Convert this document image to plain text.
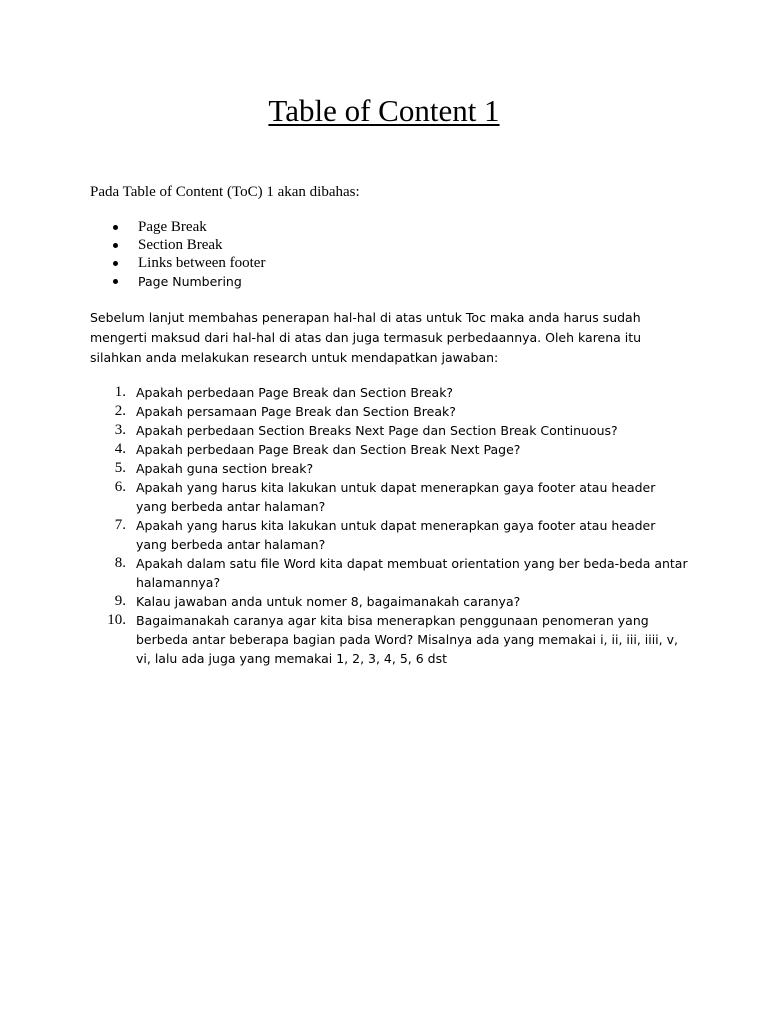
Table of Content 1

Pada Table of Content (ToC) 1 akan dibahas:

Page Break
Section Break
Links between footer
Page Numbering

Sebelum lanjut membahas penerapan hal-hal di atas untuk Toc maka anda harus sudah mengerti maksud dari hal-hal di atas dan juga termasuk perbedaannya. Oleh karena itu silahkan anda melakukan research untuk mendapatkan jawaban:

1. Apakah perbedaan Page Break dan Section Break?
2. Apakah persamaan Page Break dan Section Break?
3. Apakah perbedaan Section Breaks Next Page dan Section Break Continuous?
4. Apakah perbedaan Page Break dan Section Break Next Page?
5. Apakah guna section break?
6. Apakah yang harus kita lakukan untuk dapat menerapkan gaya footer atau header yang berbeda antar halaman?
7. Apakah yang harus kita lakukan untuk dapat menerapkan gaya footer atau header yang berbeda antar halaman?
8. Apakah dalam satu file Word kita dapat membuat orientation yang ber beda-beda antar halamannya?
9. Kalau jawaban anda untuk nomer 8, bagaimanakah caranya?
10. Bagaimanakah caranya agar kita bisa menerapkan penggunaan penomeran yang berbeda antar beberapa bagian pada Word? Misalnya ada yang memakai i, ii, iii, iiii, v, vi, lalu ada juga yang memakai 1, 2, 3, 4, 5, 6 dst
